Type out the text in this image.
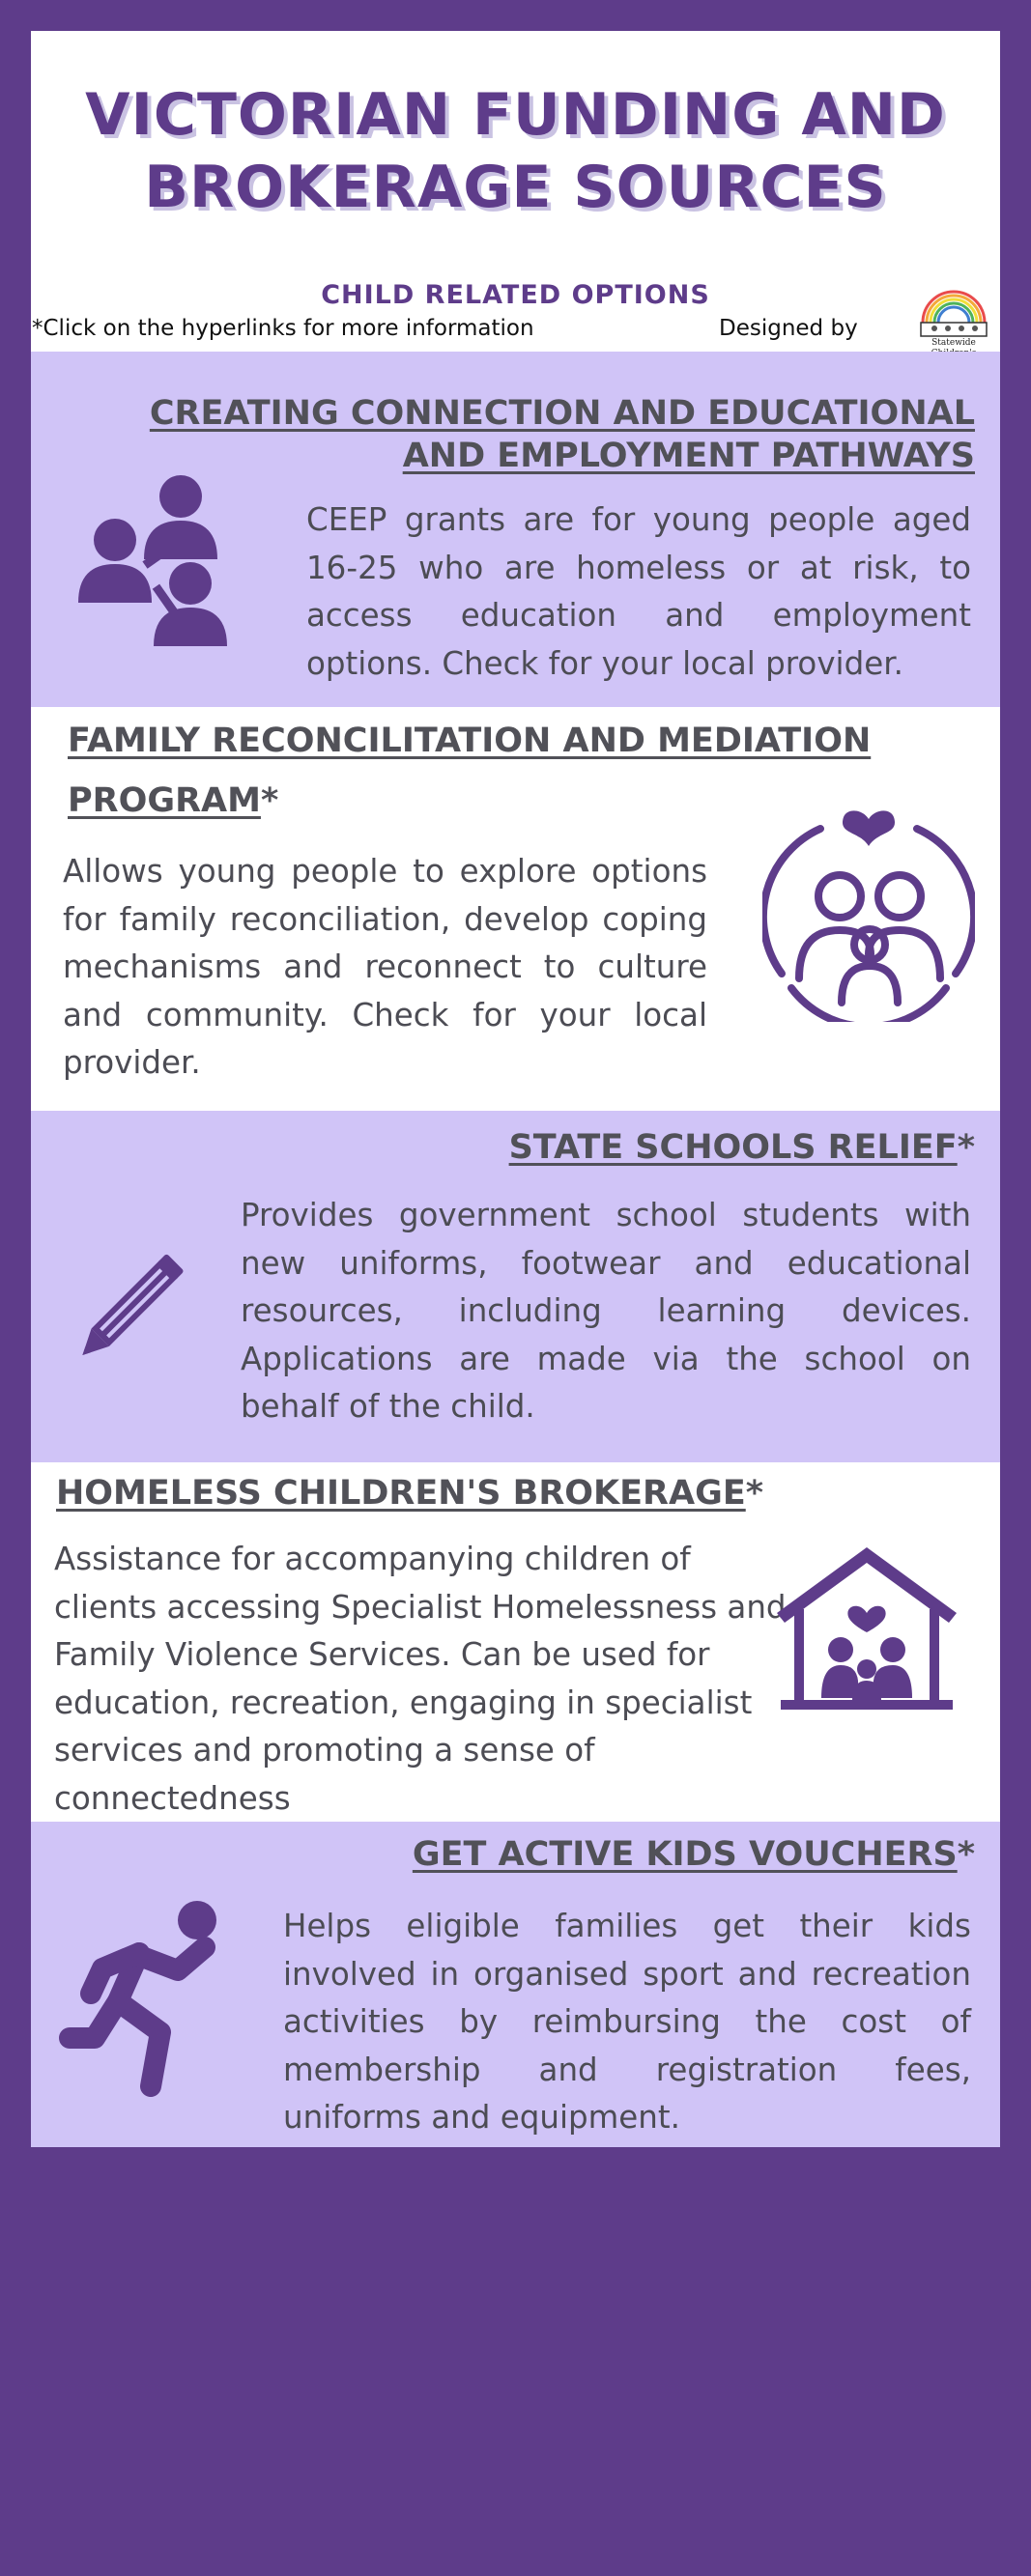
VICTORIAN FUNDING AND
BROKERAGE SOURCES
CHILD RELATED OPTIONS
Statewide
CREATING CONNECTION AND EDUCATIONAL
AND EMPLOYMENT PATHWAYS
CEEP grants are for young people aged 16-25 who are homeless or at risk, to access education and employment options. Check for your local provider.
FAMILY RECONCILITATION AND MEDIATION
PROGRAM*
Allows young people to explore options for family reconciliation, develop coping mechanisms and reconnect to culture and community. Check for your local provider.
STATE SCHOOLS RELIEF*
Provides government school students with new uniforms, footwear and educational resources, including learning devices. Applications are made via the school on behalf of the child.
HOMELESS CHILDREN'S BROKERAGE*
Assistance for accompanying children of clients accessing Specialist Homelessness and Family Violence Services. Can be used for education, recreation, engaging in specialist services and promoting a sense of connectedness
GET ACTIVE KIDS VOUCHERS*
Helps eligible families get their kids involved in organised sport and recreation activities by reimbursing the cost of membership and registration fees, uniforms and equipment.
*Click on the hyperlinks for more information	Designed by
